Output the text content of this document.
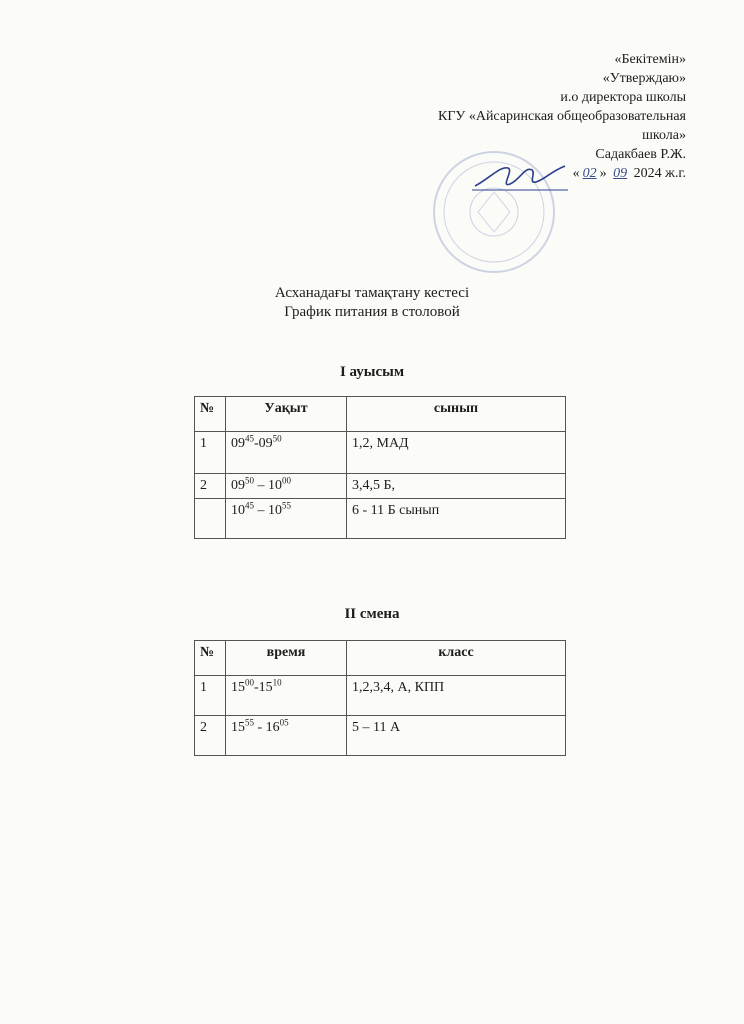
«Бекітемін»
«Утверждаю»
и.о директора школы
КГУ «Айсаринская общеобразовательная
школа»
Садакбаев Р.Ж.
« 02 » 09 2024 ж.г.
Асханадағы тамақтану кестесі
График питания в столовой
І ауысым
№	Уақыт	сынып
1	$09^{45}-09^{50}$	1,2, МАД
2	$09^{50} - 10^{00}$	3,4,5 Б,
	$10^{45} - 10^{55}$	6 - 11 Б сынып
ІІ смена
№	время	класс
1	$15^{00}-15^{10}$	1,2,3,4, А, КПП
2	$15^{55} - 16^{05}$	5 – 11 А
